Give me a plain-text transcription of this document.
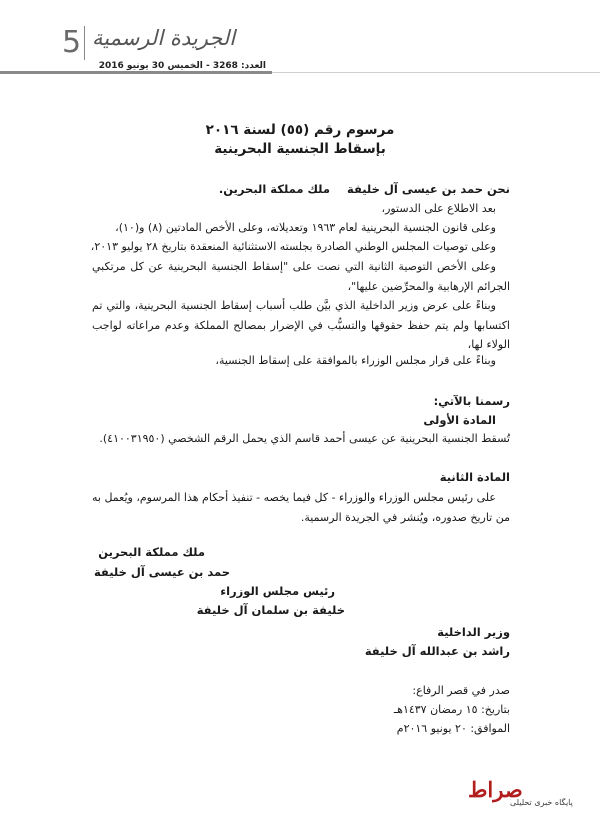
5 الجريدة الرسمية
العدد: 3268 - الخميس 30 يونيو 2016
مرسوم رقم (٥٥) لسنة ٢٠١٦
بإسقاط الجنسية البحرينية
نحن حمد بن عيسى آل خليفة
ملك مملكة البحرين.
بعد الاطلاع على الدستور،
وعلى قانون الجنسية البحرينية لعام ١٩٦٣ وتعديلاته، وعلى الأخص المادتين (٨) و(١٠)،
وعلى توصيات المجلس الوطني الصادرة بجلسته الاستثنائية المنعقدة بتاريخ ٢٨ يوليو ٢٠١٣،
وعلى الأخص التوصية الثانية التي نصت على "إسقاط الجنسية البحرينية عن كل مرتكبي الجرائم الإرهابية والمحرِّضين عليها"،
وبناءً على عرض وزير الداخلية الذي بيَّن طلب أسباب إسقاط الجنسية البحرينية، والتي تم اكتسابها ولم يتم حفظ حقوقها والتسبُّب في الإضرار بمصالح المملكة وعدم مراعاته لواجب الولاء لها،
وبناءً على قرار مجلس الوزراء بالموافقة على إسقاط الجنسية،
رسمنا بالآتي:
المادة الأولى
تُسقط الجنسية البحرينية عن عيسى أحمد قاسم الذي يحمل الرقم الشخصي (٤١٠٠٣١٩٥٠).
المادة الثانية
على رئيس مجلس الوزراء والوزراء - كل فيما يخصه - تنفيذ أحكام هذا المرسوم، ويُعمل به من تاريخ صدوره، ويُنشر في الجريدة الرسمية.
ملك مملكة البحرين
حمد بن عيسى آل خليفة
رئيس مجلس الوزراء
خليفة بن سلمان آل خليفة
وزير الداخلية
راشد بن عبدالله آل خليفة
صدر في قصر الرفاع:
بتاريخ: ١٥ رمضان ١٤٣٧هـ
الموافق: ٢٠ يونيو ٢٠١٦م
صراط
پایگاه خبری تحلیلی
